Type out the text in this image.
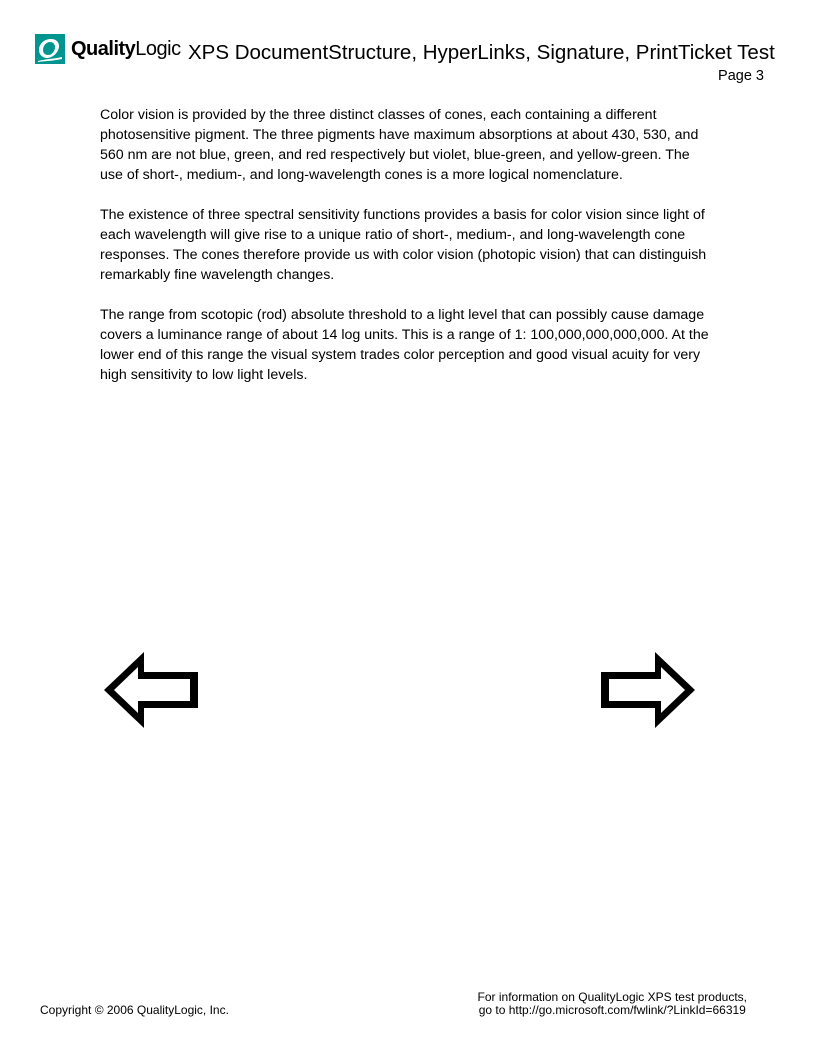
QualityLogic XPS DocumentStructure, HyperLinks, Signature, PrintTicket Test
Page 3

Color vision is provided by the three distinct classes of cones, each containing a different
photosensitive pigment. The three pigments have maximum absorptions at about 430, 530, and
560 nm are not blue, green, and red respectively but violet, blue-green, and yellow-green. The
use of short-, medium-, and long-wavelength cones is a more logical nomenclature.

The existence of three spectral sensitivity functions provides a basis for color vision since light of
each wavelength will give rise to a unique ratio of short-, medium-, and long-wavelength cone
responses. The cones therefore provide us with color vision (photopic vision) that can distinguish
remarkably fine wavelength changes.

The range from scotopic (rod) absolute threshold to a light level that can possibly cause damage
covers a luminance range of about 14 log units. This is a range of 1: 100,000,000,000,000. At the
lower end of this range the visual system trades color perception and good visual acuity for very
high sensitivity to low light levels.

Copyright © 2006 QualityLogic, Inc.
For information on QualityLogic XPS test products,
go to http://go.microsoft.com/fwlink/?LinkId=66319
